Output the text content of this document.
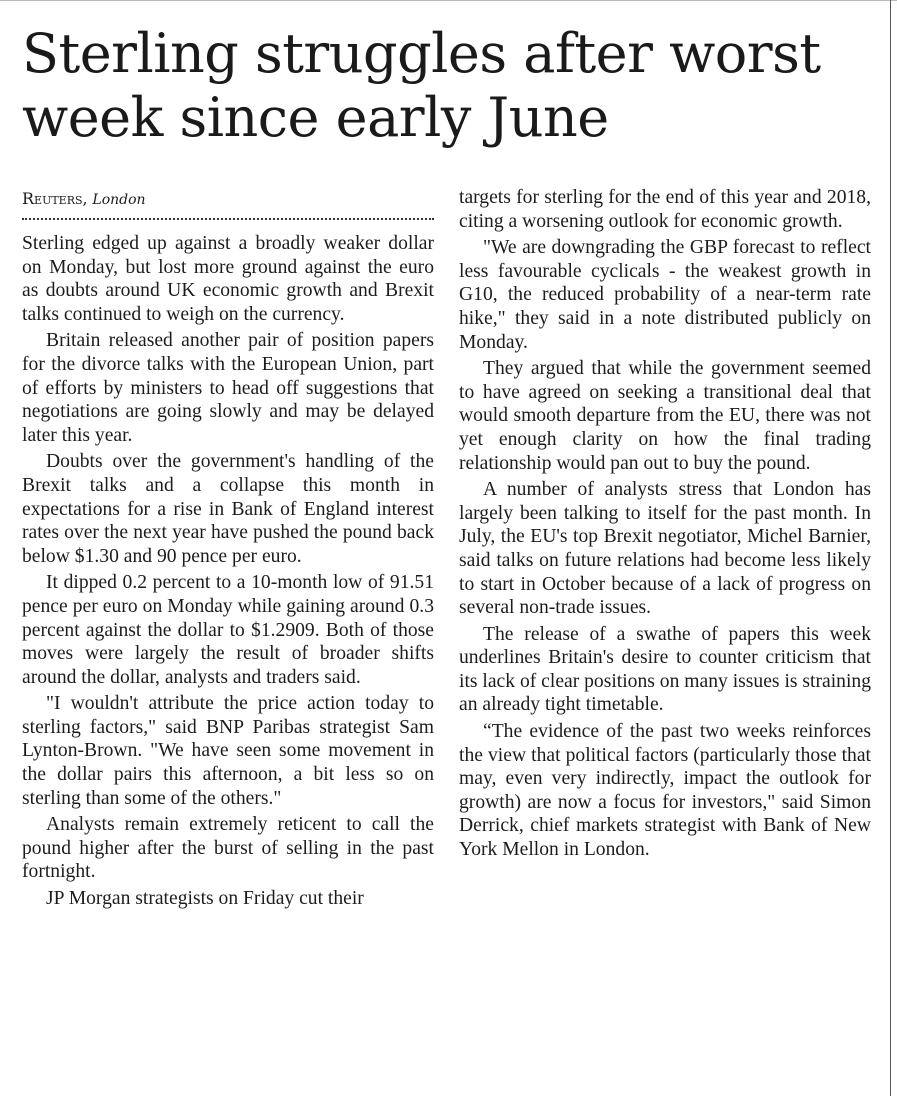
Sterling struggles after worst week since early June
Reuters, London

Sterling edged up against a broadly weaker dollar on Monday, but lost more ground against the euro as doubts around UK economic growth and Brexit talks continued to weigh on the currency.

Britain released another pair of position papers for the divorce talks with the European Union, part of efforts by ministers to head off suggestions that negotiations are going slowly and may be delayed later this year.

Doubts over the government's handling of the Brexit talks and a collapse this month in expectations for a rise in Bank of England interest rates over the next year have pushed the pound back below $1.30 and 90 pence per euro.

It dipped 0.2 percent to a 10-month low of 91.51 pence per euro on Monday while gaining around 0.3 percent against the dollar to $1.2909. Both of those moves were largely the result of broader shifts around the dollar, analysts and traders said.

"I wouldn't attribute the price action today to sterling factors," said BNP Paribas strategist Sam Lynton-Brown. "We have seen some movement in the dollar pairs this afternoon, a bit less so on sterling than some of the others."

Analysts remain extremely reticent to call the pound higher after the burst of selling in the past fortnight.

JP Morgan strategists on Friday cut their

targets for sterling for the end of this year and 2018, citing a worsening outlook for economic growth.

"We are downgrading the GBP forecast to reflect less favourable cyclicals - the weakest growth in G10, the reduced probability of a near-term rate hike," they said in a note distributed publicly on Monday.

They argued that while the government seemed to have agreed on seeking a transitional deal that would smooth departure from the EU, there was not yet enough clarity on how the final trading relationship would pan out to buy the pound.

A number of analysts stress that London has largely been talking to itself for the past month. In July, the EU's top Brexit negotiator, Michel Barnier, said talks on future relations had become less likely to start in October because of a lack of progress on several non-trade issues.

The release of a swathe of papers this week underlines Britain's desire to counter criticism that its lack of clear positions on many issues is straining an already tight timetable.

“The evidence of the past two weeks reinforces the view that political factors (particularly those that may, even very indirectly, impact the outlook for growth) are now a focus for investors," said Simon Derrick, chief markets strategist with Bank of New York Mellon in London.
